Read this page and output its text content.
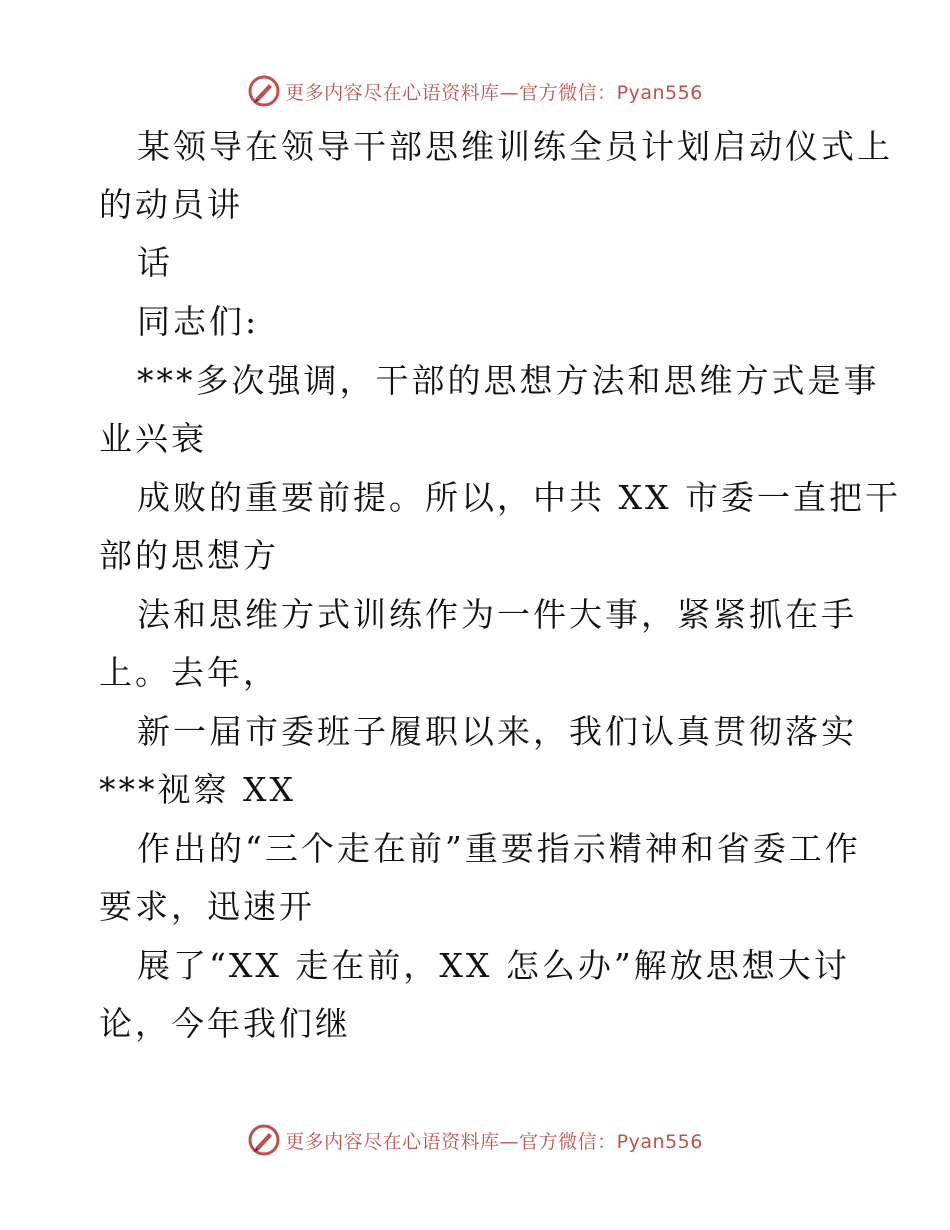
更多内容尽在心语资料库—官方微信：Pyan556
某领导在领导干部思维训练全员计划启动仪式上
的动员讲
话
同志们:
***多次强调，干部的思想方法和思维方式是事
业兴衰
成败的重要前提。所以，中共 XX 市委一直把干
部的思想方
法和思维方式训练作为一件大事，紧紧抓在手
上。去年，
新一届市委班子履职以来，我们认真贯彻落实
***视察 XX
作出的“三个走在前”重要指示精神和省委工作
要求，迅速开
展了“XX 走在前，XX 怎么办”解放思想大讨
论，今年我们继
更多内容尽在心语资料库—官方微信：Pyan556
